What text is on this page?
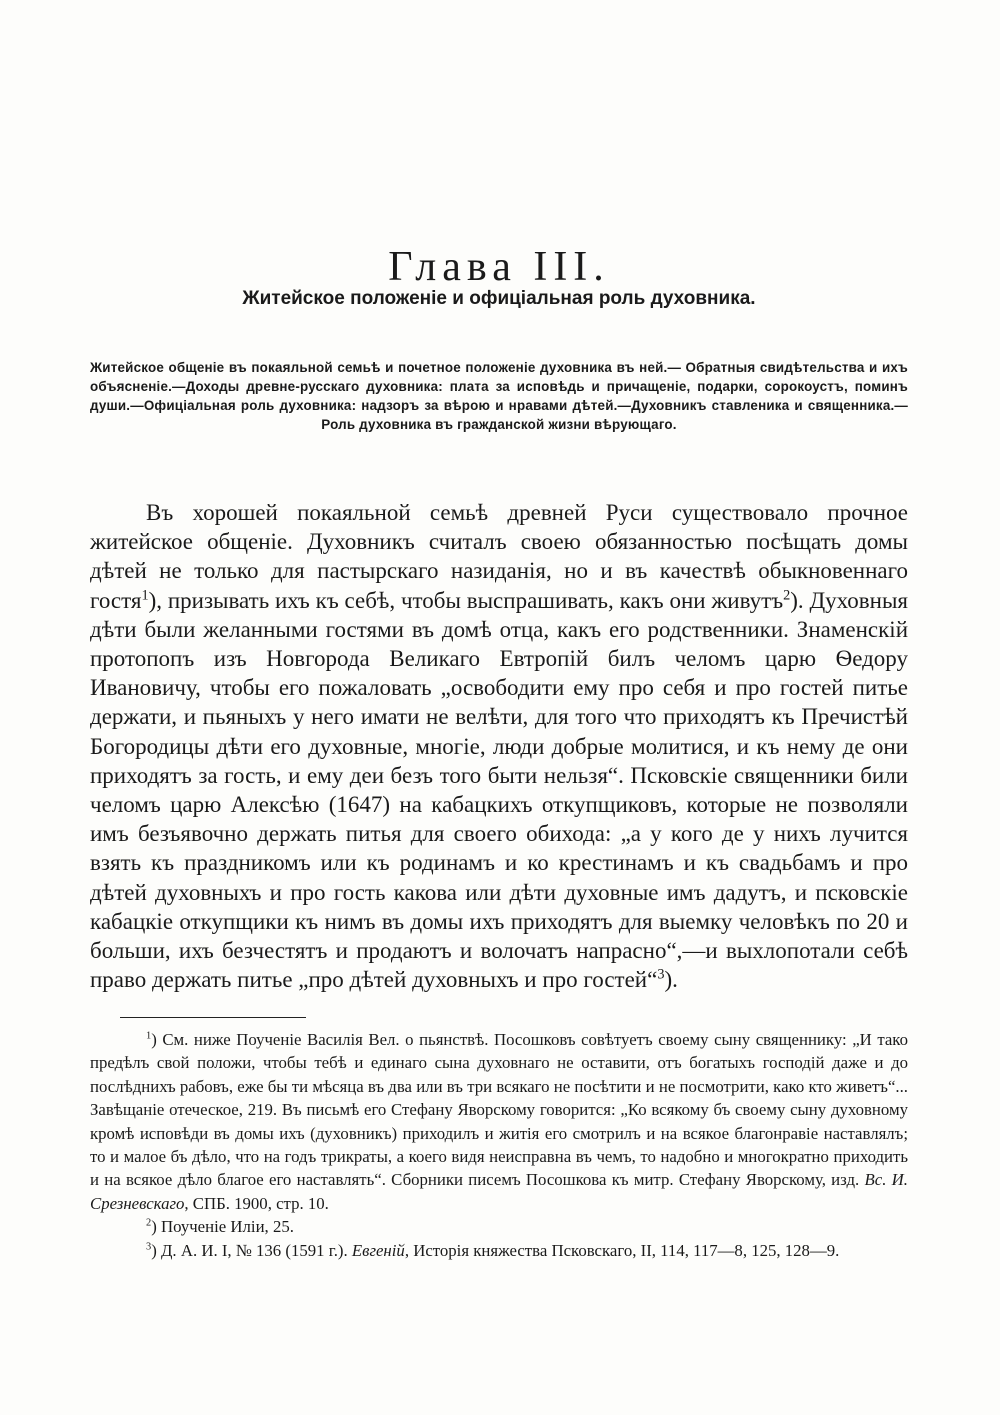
Глава III.
Житейское положеніе и офиціальная роль духовника.

Житейское общеніе въ покаяльной семьѣ и почетное положеніе духовника въ ней.— Обратныя свидѣтельства и ихъ объясненіе.—Доходы древне-русскаго духовника: плата за исповѣдь и причащеніе, подарки, сорокоустъ, поминъ души.—Офиціальная роль духовника: надзоръ за вѣрою и нравами дѣтей.—Духовникъ ставленика и священника.— Роль духовника въ гражданской жизни вѣрующаго.

Въ хорошей покаяльной семьѣ древней Руси существовало прочное житейское общеніе. Духовникъ считалъ своею обязанностью посѣщать домы дѣтей не только для пастырскаго назиданія, но и въ качествѣ обыкновеннаго гостя$^1$), призывать ихъ къ себѣ, чтобы выспрашивать, какъ они живутъ$^2$). Духовныя дѣти были желанными гостями въ домѣ отца, какъ его родственники. Знаменскій протопопъ изъ Новгорода Великаго Евтропій билъ челомъ царю Ѳедору Ивановичу, чтобы его пожаловать „освободити ему про себя и про гостей питье держати, и пьяныхъ у него имати не велѣти, для того что приходятъ къ Пречистѣй Богородицы дѣти его духовные, многіе, люди добрые молитися, и къ нему де они приходятъ за гость, и ему деи безъ того быти нельзя“. Псковскіе священники били челомъ царю Алексѣю (1647) на кабацкихъ откупщиковъ, которые не позволяли имъ безъявочно держать питья для своего обихода: „а у кого де у нихъ лучится взять къ праздникомъ или къ родинамъ и ко крестинамъ и къ свадьбамъ и про дѣтей духовныхъ и про гость какова или дѣти духовные имъ дадутъ, и псковскіе кабацкіе откупщики къ нимъ въ домы ихъ приходятъ для выемку человѣкъ по 20 и больши, ихъ безчестятъ и продаютъ и волочатъ напрасно“,—и выхлопотали себѣ право держать питье „про дѣтей духовныхъ и про гостей“$^3$).

$^1$) См. ниже Поученіе Василія Вел. о пьянствѣ. Посошковъ совѣтуетъ своему сыну священнику: „И тако предѣлъ свой положи, чтобы тебѣ и единаго сына духовнаго не оставити, отъ богатыхъ господій даже и до послѣднихъ рабовъ, еже бы ти мѣсяца въ два или въ три всякаго не посѣтити и не посмотрити, како кто живетъ“... Завѣщаніе отеческое, 219. Въ письмѣ его Стефану Яворскому говорится: „Ко всякому бъ своему сыну духовному кромѣ исповѣди въ домы ихъ (духовникъ) приходилъ и житія его смотрилъ и на всякое благонравіе наставлялъ; то и малое бъ дѣло, что на годъ трикраты, а коего видя неисправна въ чемъ, то надобно и многократно приходить и на всякое дѣло благое его наставлять“. Сборники писемъ Посошкова къ митр. Стефану Яворскому, изд. Вс. И. Срезневскаго, СПБ. 1900, стр. 10.

$^2$) Поученіе Иліи, 25.

$^3$) Д. А. И. I, № 136 (1591 г.). Евгеній, Исторія княжества Псковскаго, II, 114, 117—8, 125, 128—9.
